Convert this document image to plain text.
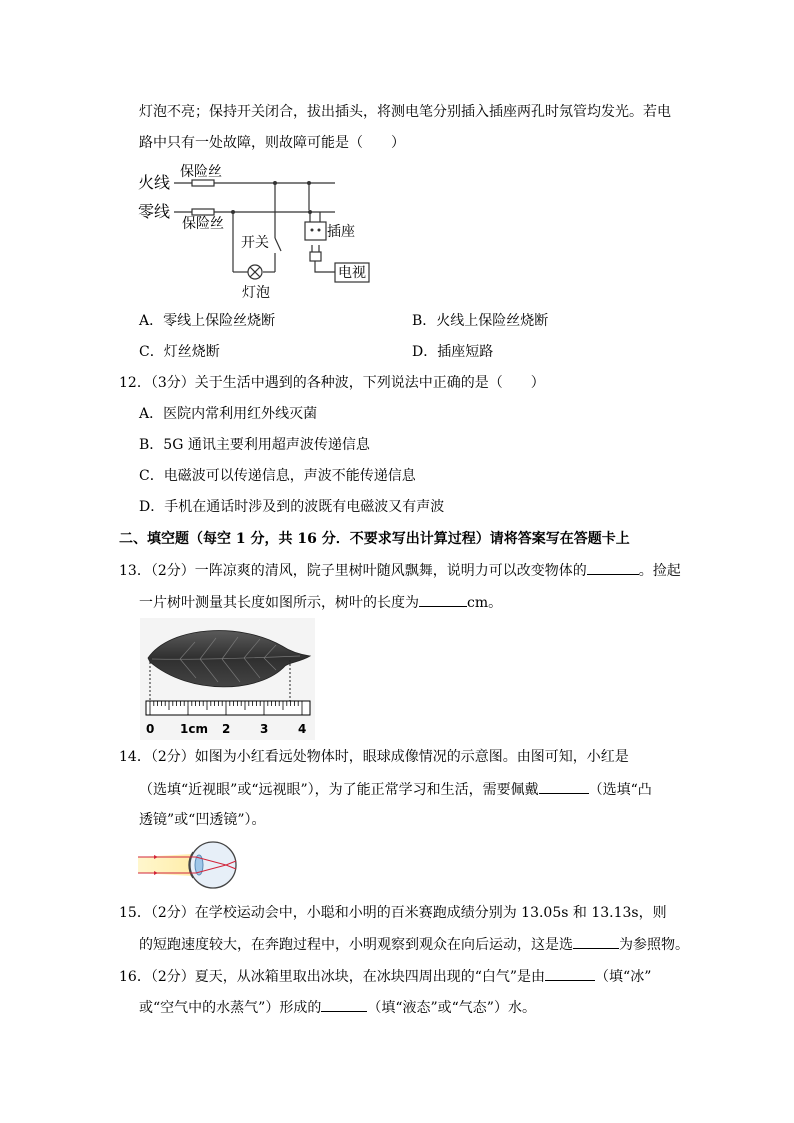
灯泡不亮；保持开关闭合，拔出插头，将测电笔分别插入插座两孔时氖管均发光。若电
路中只有一处故障，则故障可能是（　　）
火线
保险丝
零线
保险丝
开关
插座
电视
灯泡
A．零线上保险丝烧断	B．火线上保险丝烧断
C．灯丝烧断	D．插座短路
12．（3分）关于生活中遇到的各种波，下列说法中正确的是（　　）
A．医院内常利用红外线灭菌
B．5G 通讯主要利用超声波传递信息
C．电磁波可以传递信息，声波不能传递信息
D．手机在通话时涉及到的波既有电磁波又有声波
二、填空题（每空 1 分，共 16 分．不要求写出计算过程）请将答案写在答题卡上
13．（2分）一阵凉爽的清风，院子里树叶随风飘舞，说明力可以改变物体的	。捡起
一片树叶测量其长度如图所示，树叶的长度为	cm。
0 1cm 2 3 4
14．（2分）如图为小红看远处物体时，眼球成像情况的示意图。由图可知，小红是
（选填“近视眼”或“远视眼”），为了能正常学习和生活，需要佩戴	（选填“凸
透镜”或“凹透镜”）。
15．（2分）在学校运动会中，小聪和小明的百米赛跑成绩分别为 13.05s 和 13.13s，则
的短跑速度较大，在奔跑过程中，小明观察到观众在向后运动，这是选	为参照物。
16．（2分）夏天，从冰箱里取出冰块，在冰块四周出现的“白气”是由	（填“冰”
或“空气中的水蒸气”）形成的	（填“液态”或“气态”）水。
